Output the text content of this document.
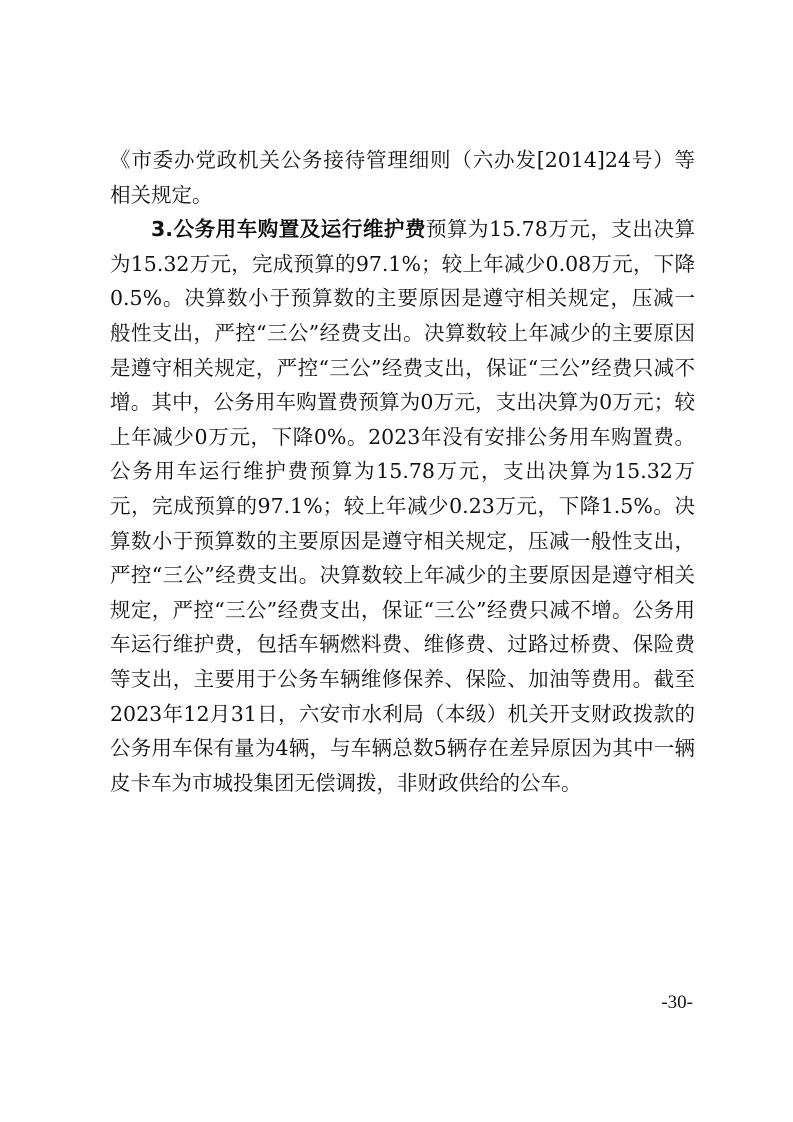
《市委办党政机关公务接待管理细则（六办发[2014]24号）等相关规定。

3.公务用车购置及运行维护费预算为15.78万元，支出决算为15.32万元，完成预算的97.1%；较上年减少0.08万元，下降0.5%。决算数小于预算数的主要原因是遵守相关规定，压减一般性支出，严控“三公”经费支出。决算数较上年减少的主要原因是遵守相关规定，严控“三公”经费支出，保证“三公”经费只减不增。其中，公务用车购置费预算为0万元，支出决算为0万元；较上年减少0万元，下降0%。2023年没有安排公务用车购置费。公务用车运行维护费预算为15.78万元，支出决算为15.32万元，完成预算的97.1%；较上年减少0.23万元，下降1.5%。决算数小于预算数的主要原因是遵守相关规定，压减一般性支出，严控“三公”经费支出。决算数较上年减少的主要原因是遵守相关规定，严控“三公”经费支出，保证“三公”经费只减不增。公务用车运行维护费，包括车辆燃料费、维修费、过路过桥费、保险费等支出，主要用于公务车辆维修保养、保险、加油等费用。截至2023年12月31日，六安市水利局（本级）机关开支财政拨款的公务用车保有量为4辆，与车辆总数5辆存在差异原因为其中一辆皮卡车为市城投集团无偿调拨，非财政供给的公车。

-30-
